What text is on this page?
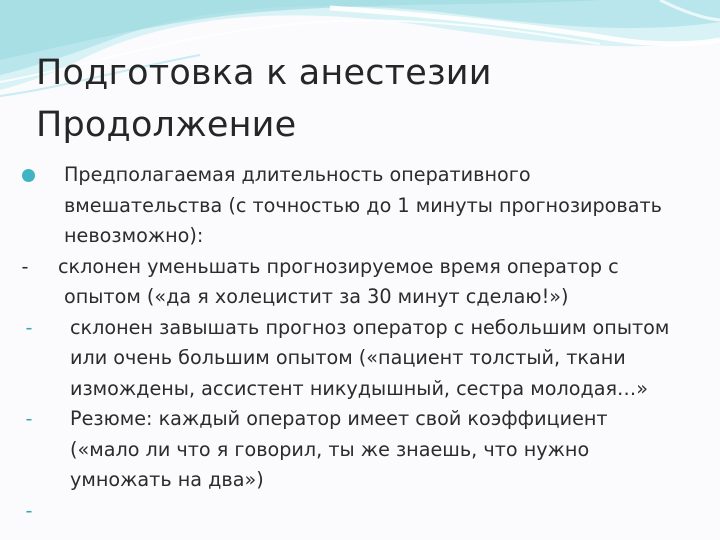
Подготовка к анестезии
Продолжение
Предполагаемая длительность оперативного
вмешательства (с точностью до 1 минуты прогнозировать
невозможно):
- склонен уменьшать прогнозируемое время оператор с
опытом («да я холецистит за 30 минут сделаю!»)
- склонен завышать прогноз оператор с небольшим опытом
или очень большим опытом («пациент толстый, ткани
измождены, ассистент никудышный, сестра молодая…»
- Резюме: каждый оператор имеет свой коэффициент
(«мало ли что я говорил, ты же знаешь, что нужно
умножать на два»)
-
